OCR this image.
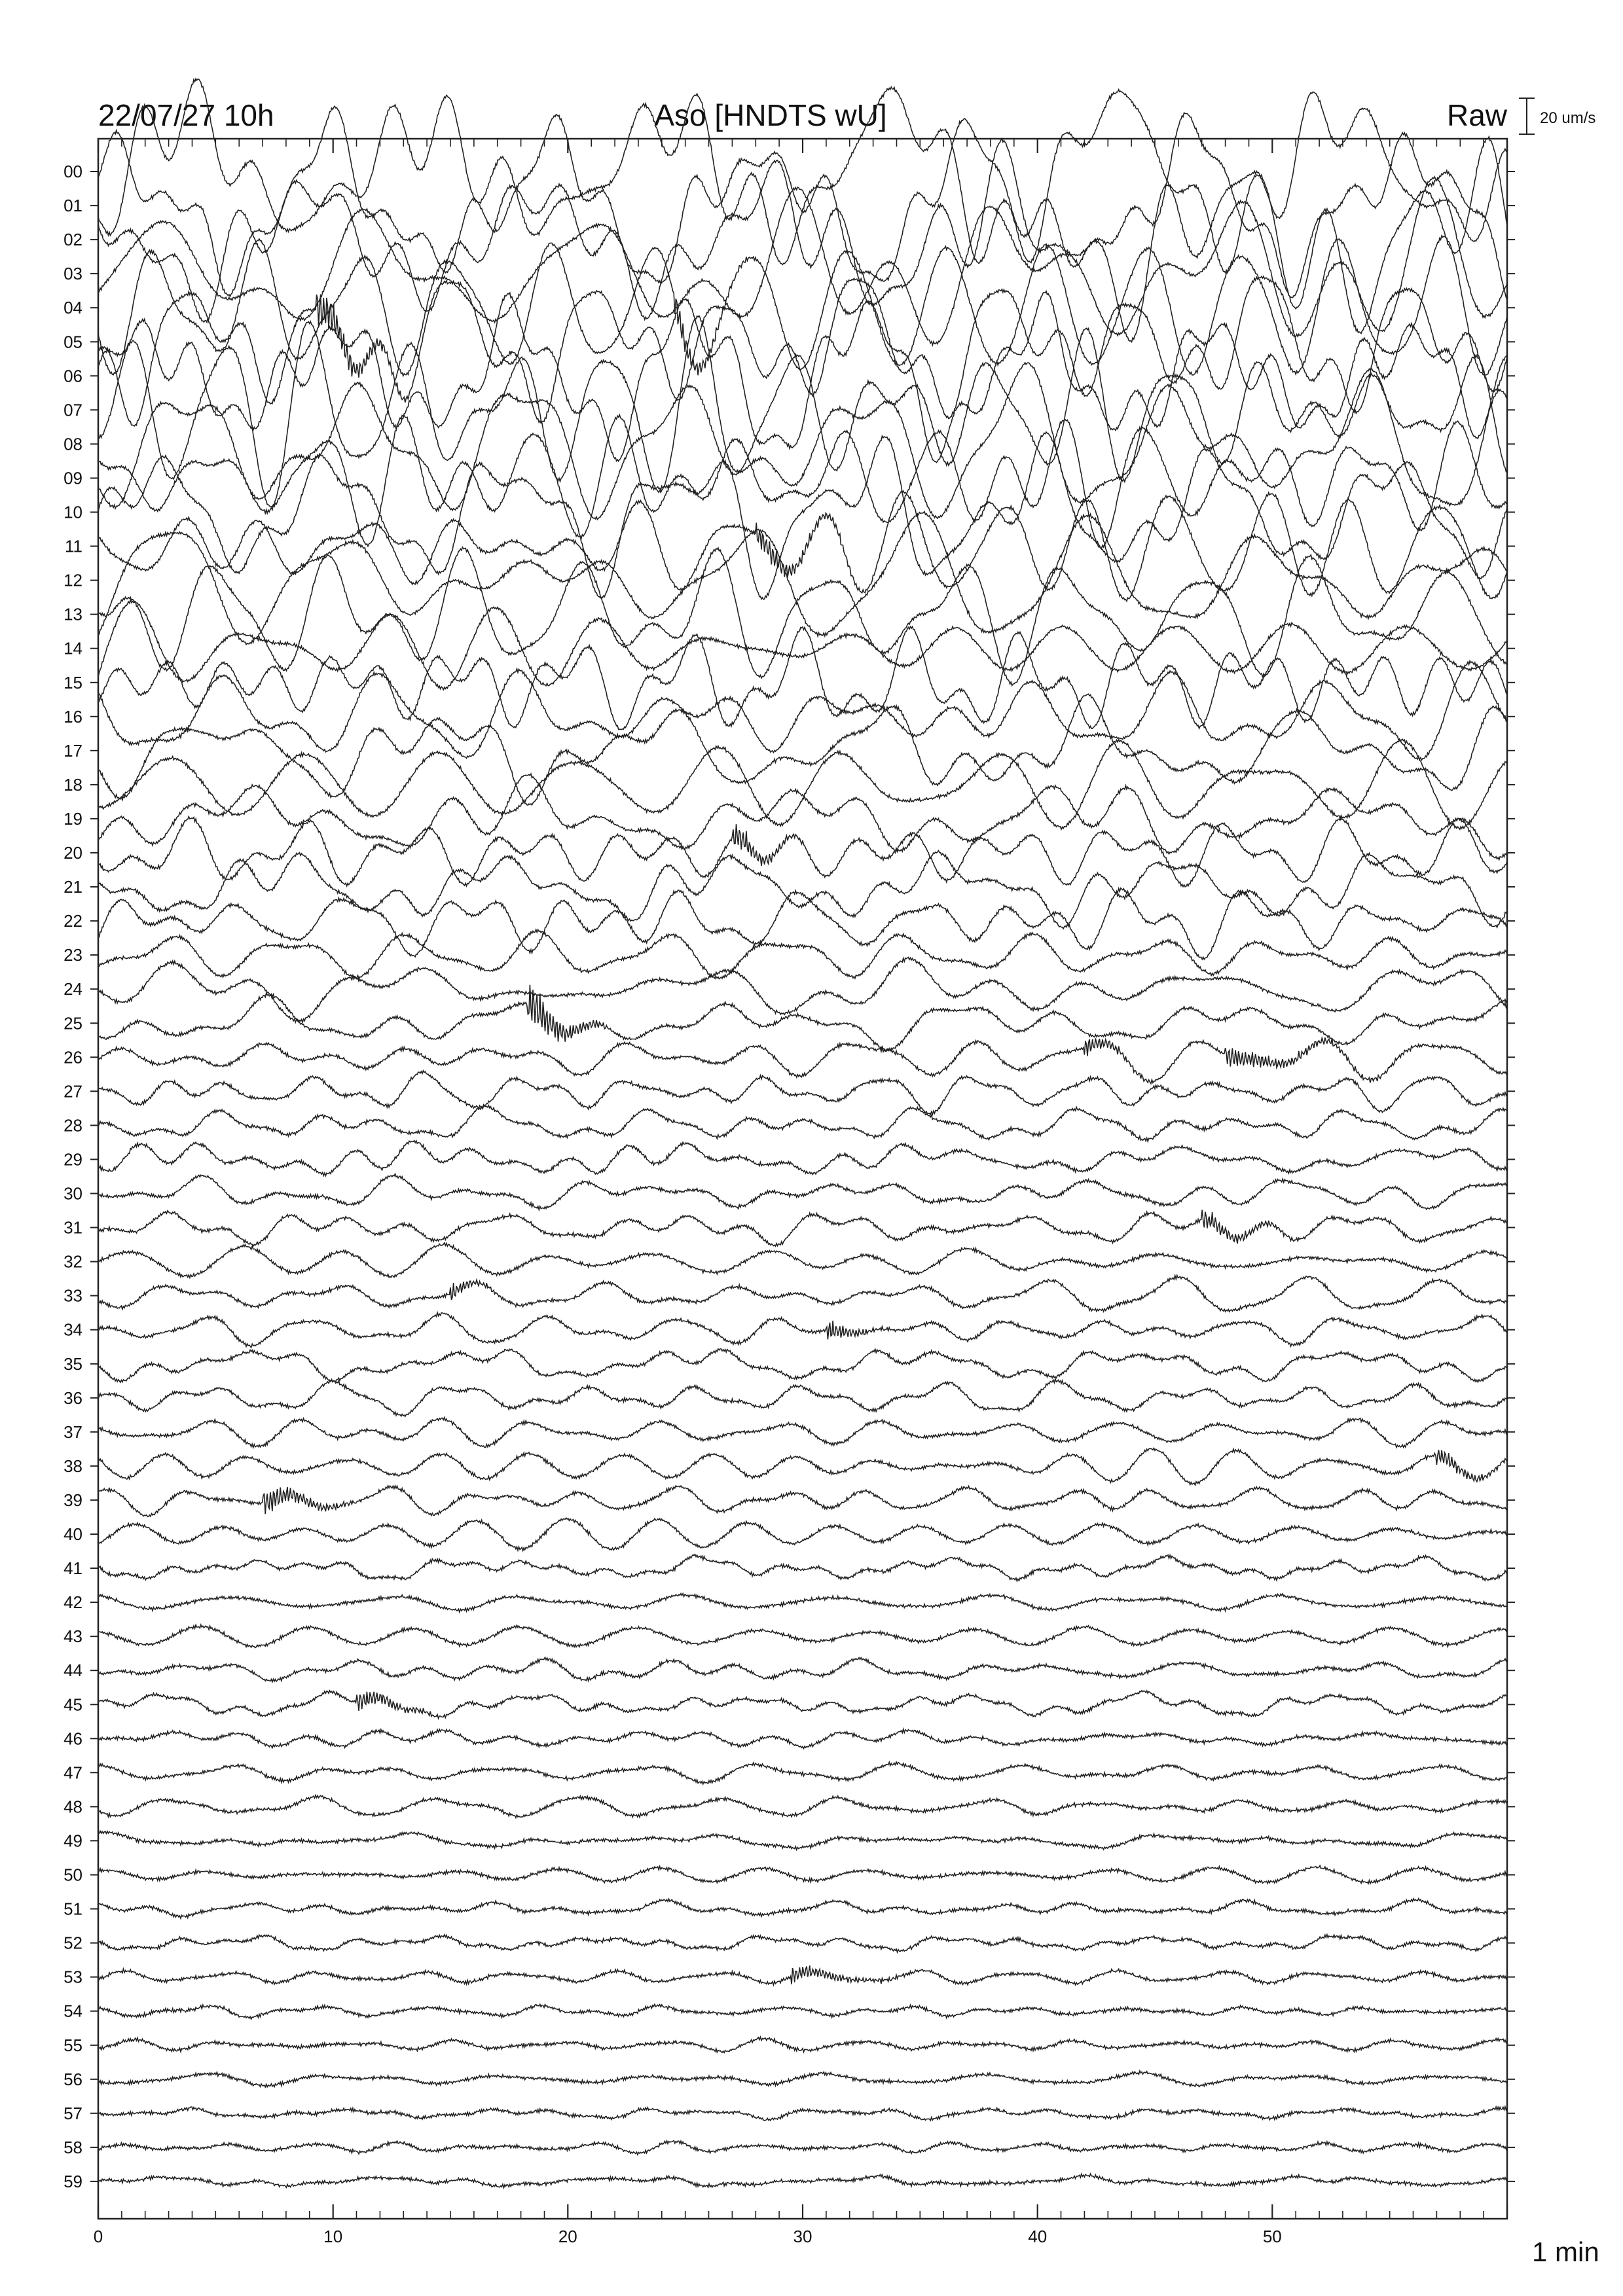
22/07/27 10h	Aso [HNDTS wU]	Raw 20 um/s
00
01
02
03
04
05
06
07
08
09
10
11
12
13
14
15
16
17
18
19
20
21
22
23
24
25
26
27
28
29
30
31
32
33
34
35
36
37
38
39
40
41
42
43
44
45
46
47
48
49
50
51
52
53
54
55
56
57
58
59
0	10	20	30	40	50	1 min
